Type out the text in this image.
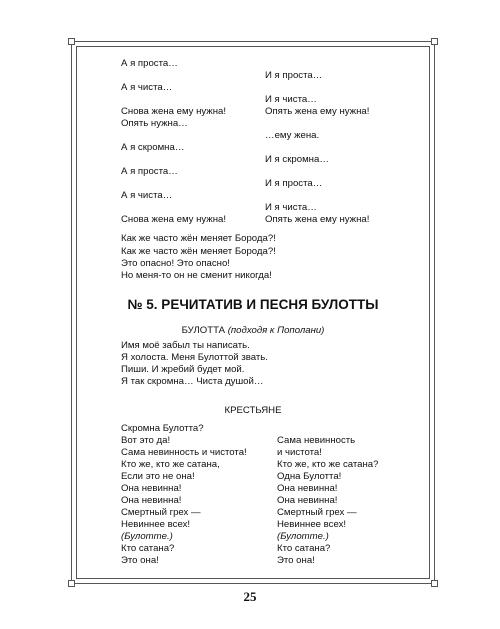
А я проста…

И я проста…

А я чиста…

И я чиста…

Снова жена ему нужна!	Опять жена ему нужна!

Опять нужна…

…ему жена.

А я скромна…

И я скромна…

А я проста…

И я проста…

А я чиста…

И я чиста…

Снова жена ему нужна!	Опять жена ему нужна!

Как же часто жён меняет Борода?!

Как же часто жён меняет Борода?!

Это опасно! Это опасно!

Но меня-то он не сменит никогда!

№ 5. РЕЧИТАТИВ И ПЕСНЯ БУЛОТТЫ
БУЛОТТА (подходя к Пополани)

Имя моё забыл ты написать.

Я холоста. Меня Булоттой звать.

Пиши. И жребий будет мой.

Я так скромна… Чиста душой…

КРЕСТЬЯНЕ

Скромна Булотта?

Вот это да!

Сама невинность и чистота!

Кто же, кто же сатана,

Если это не она!

Она невинна!

Она невинна!

Смертный грех —

Невиннее всех!

(Булотте.)

Кто сатана?

Это она!

Сама невинность

и чистота!

Кто же, кто же сатана?

Одна Булотта!

Она невинна!

Она невинна!

Смертный грех —

Невиннее всех!

(Булотте.)

Кто сатана?

Это она!

25
